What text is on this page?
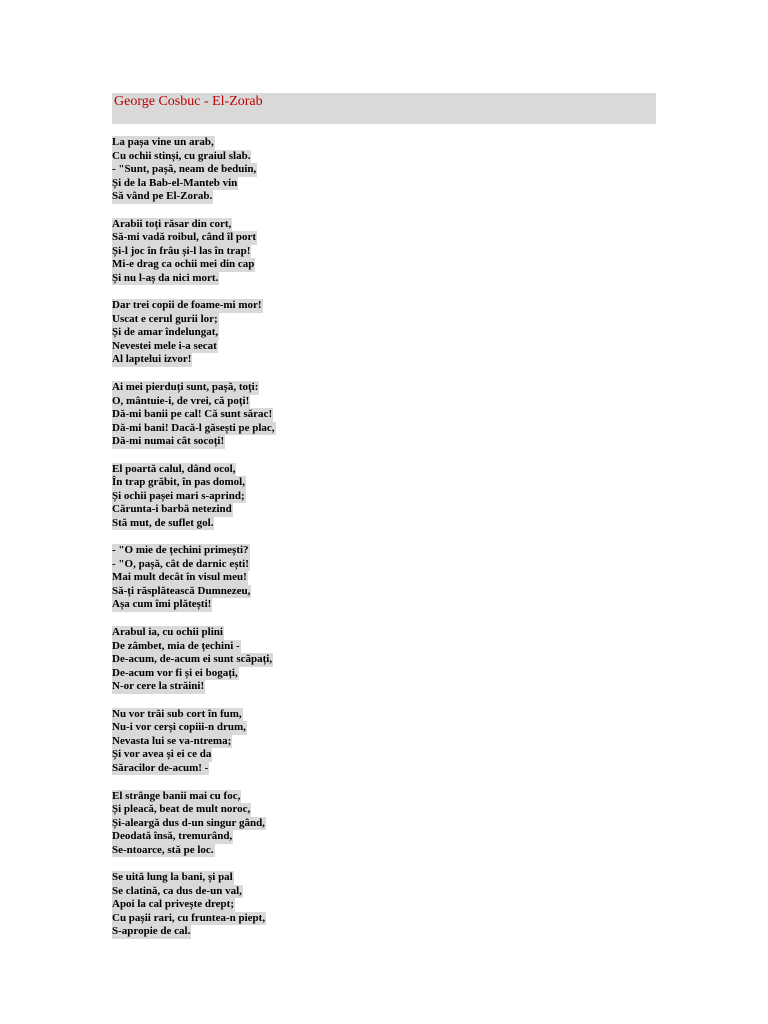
George Cosbuc - El-Zorab
La pașa vine un arab,
Cu ochii stinși, cu graiul slab.
- "Sunt, pașă, neam de beduin,
Și de la Bab-el-Manteb vin
Să vând pe El-Zorab.
Arabii toți răsar din cort,
Să-mi vadă roibul, când îl port
Și-l joc în frâu și-l las în trap!
Mi-e drag ca ochii mei din cap
Și nu l-aș da nici mort.
Dar trei copii de foame-mi mor!
Uscat e cerul gurii lor;
Și de amar îndelungat,
Nevestei mele i-a secat
Al laptelui izvor!
Ai mei pierduți sunt, pașă, toți:
O, mântuie-i, de vrei, că poți!
Dă-mi banii pe cal! Că sunt sărac!
Dă-mi bani! Dacă-l găsești pe plac,
Dă-mi numai cât socoți!
El poartă calul, dând ocol,
În trap grăbit, în pas domol,
Și ochii pașei mari s-aprind;
Cărunta-i barbă netezind
Stă mut, de suflet gol.
- "O mie de țechini primești?
- "O, pașă, cât de darnic ești!
Mai mult decât în visul meu!
Să-ți răsplătească Dumnezeu,
Așa cum îmi plătești!
Arabul ia, cu ochii plini
De zâmbet, mia de țechini -
De-acum, de-acum ei sunt scăpați,
De-acum vor fi și ei bogați,
N-or cere la străini!
Nu vor trăi sub cort în fum,
Nu-i vor cerși copiii-n drum,
Nevasta lui se va-ntrema;
Și vor avea și ei ce da
Săracilor de-acum! -
El strânge banii mai cu foc,
Și pleacă, beat de mult noroc,
Și-aleargă dus d-un singur gând,
Deodată însă, tremurând,
Se-ntoarce, stă pe loc.
Se uită lung la bani, și pal
Se clatină, ca dus de-un val,
Apoi la cal privește drept;
Cu pașii rari, cu fruntea-n piept,
S-apropie de cal.
